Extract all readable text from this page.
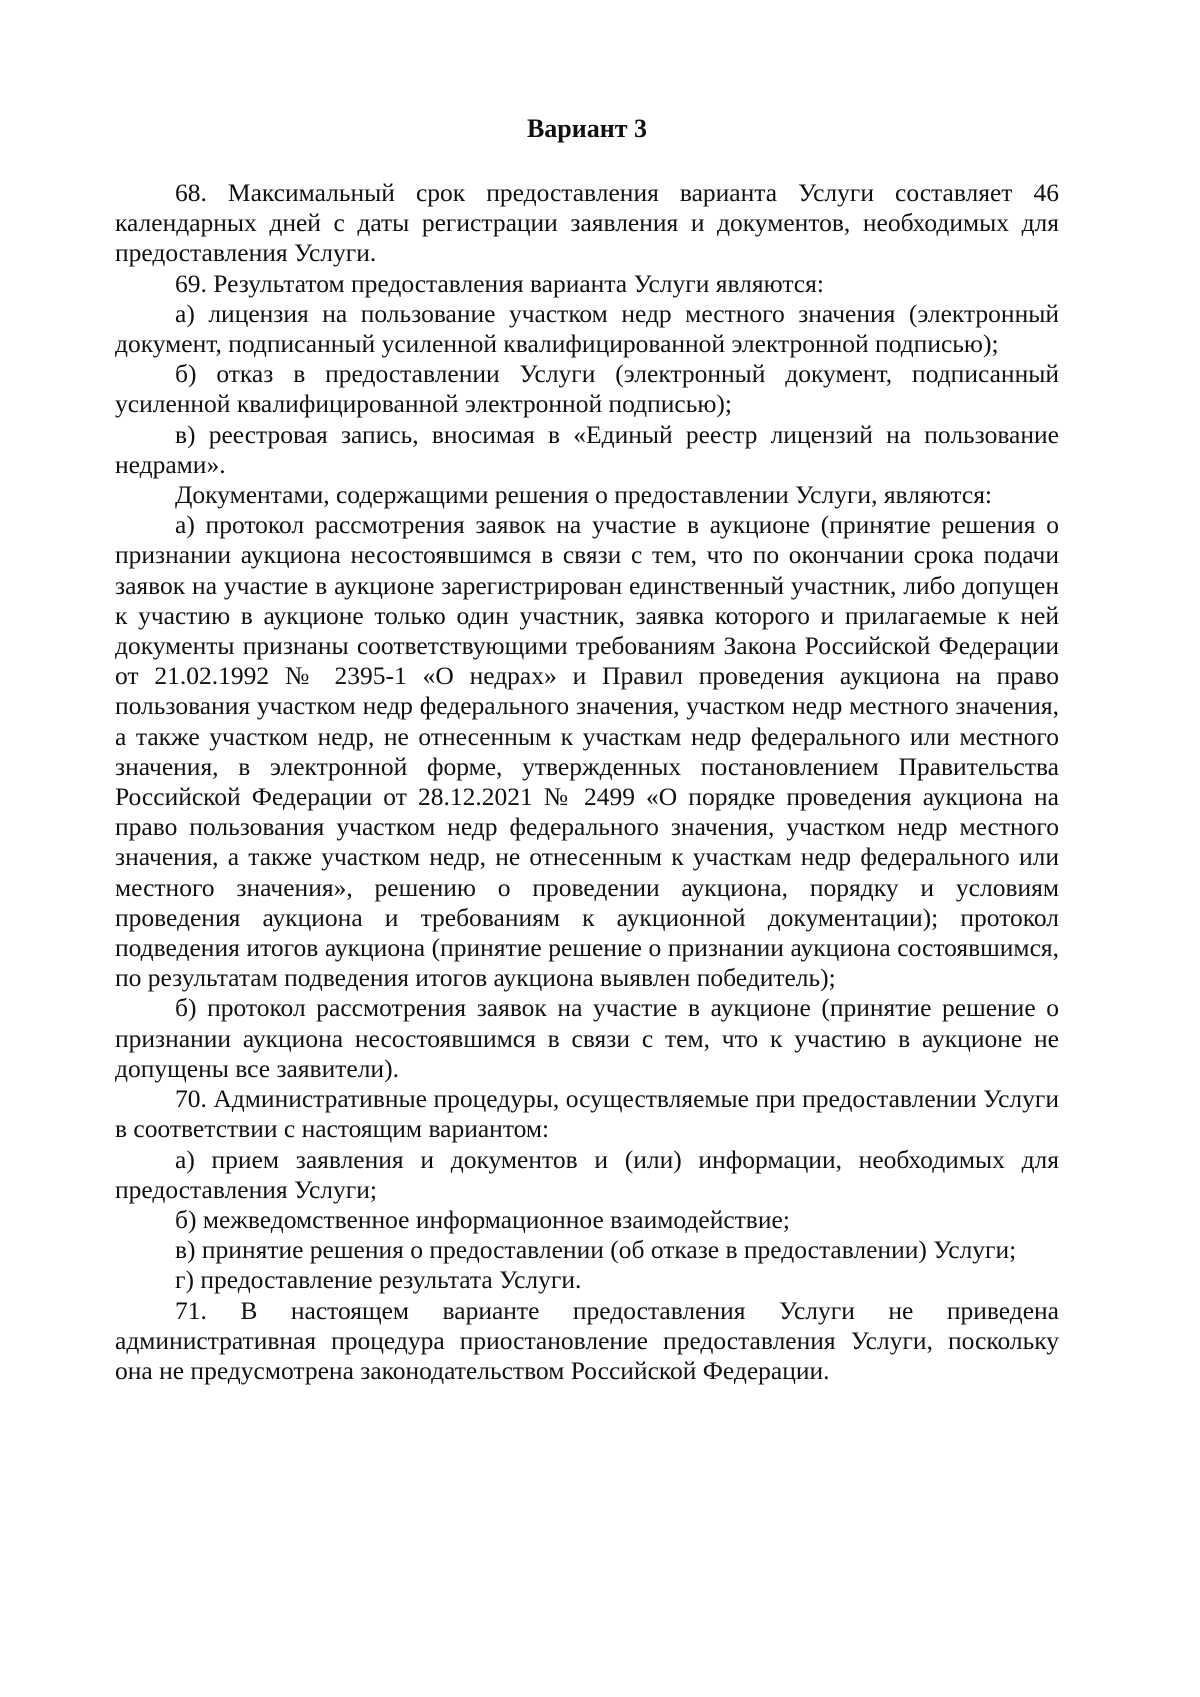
Вариант 3

68. Максимальный срок предоставления варианта Услуги составляет 46 календарных дней с даты регистрации заявления и документов, необходимых для предоставления Услуги.

69. Результатом предоставления варианта Услуги являются:

а) лицензия на пользование участком недр местного значения (электронный документ, подписанный усиленной квалифицированной электронной подписью);

б) отказ в предоставлении Услуги (электронный документ, подписанный усиленной квалифицированной электронной подписью);

в) реестровая запись, вносимая в «Единый реестр лицензий на пользование недрами».

Документами, содержащими решения о предоставлении Услуги, являются:

а) протокол рассмотрения заявок на участие в аукционе (принятие решения о признании аукциона несостоявшимся в связи с тем, что по окончании срока подачи заявок на участие в аукционе зарегистрирован единственный участник, либо допущен к участию в аукционе только один участник, заявка которого и прилагаемые к ней документы признаны соответствующими требованиям Закона Российской Федерации от 21.02.1992 № 2395-1 «О недрах» и Правил проведения аукциона на право пользования участком недр федерального значения, участком недр местного значения, а также участком недр, не отнесенным к участкам недр федерального или местного значения, в электронной форме, утвержденных постановлением Правительства Российской Федерации от 28.12.2021 № 2499 «О порядке проведения аукциона на право пользования участком недр федерального значения, участком недр местного значения, а также участком недр, не отнесенным к участкам недр федерального или местного значения», решению о проведении аукциона, порядку и условиям проведения аукциона и требованиям к аукционной документации); протокол подведения итогов аукциона (принятие решение о признании аукциона состоявшимся, по результатам подведения итогов аукциона выявлен победитель);

б) протокол рассмотрения заявок на участие в аукционе (принятие решение о признании аукциона несостоявшимся в связи с тем, что к участию в аукционе не допущены все заявители).

70. Административные процедуры, осуществляемые при предоставлении Услуги в соответствии с настоящим вариантом:

а) прием заявления и документов и (или) информации, необходимых для предоставления Услуги;

б) межведомственное информационное взаимодействие;

в) принятие решения о предоставлении (об отказе в предоставлении) Услуги;

г) предоставление результата Услуги.

71. В настоящем варианте предоставления Услуги не приведена административная процедура приостановление предоставления Услуги, поскольку она не предусмотрена законодательством Российской Федерации.
